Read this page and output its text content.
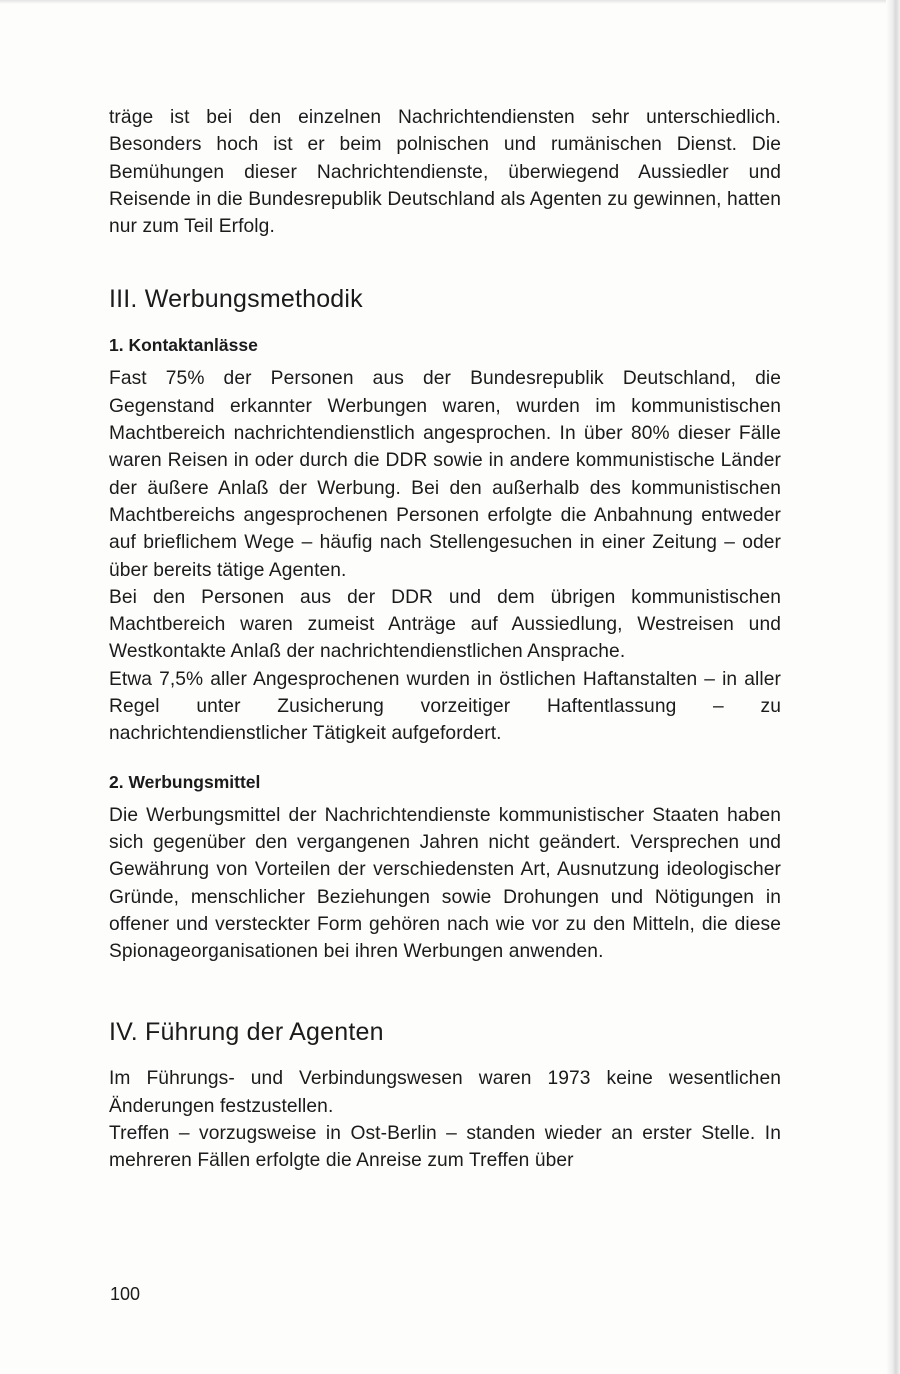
träge ist bei den einzelnen Nachrichtendiensten sehr unterschiedlich. Besonders hoch ist er beim polnischen und rumänischen Dienst. Die Bemühungen dieser Nachrichtendienste, überwiegend Aussiedler und Reisende in die Bundesrepublik Deutschland als Agenten zu gewinnen, hatten nur zum Teil Erfolg.

III. Werbungsmethodik
1. Kontaktanlässe

Fast 75% der Personen aus der Bundesrepublik Deutschland, die Gegenstand erkannter Werbungen waren, wurden im kommunistischen Machtbereich nachrichtendienstlich angesprochen. In über 80% dieser Fälle waren Reisen in oder durch die DDR sowie in andere kommunistische Länder der äußere Anlaß der Werbung. Bei den außerhalb des kommunistischen Machtbereichs angesprochenen Personen erfolgte die Anbahnung entweder auf brieflichem Wege – häufig nach Stellengesuchen in einer Zeitung – oder über bereits tätige Agenten.

Bei den Personen aus der DDR und dem übrigen kommunistischen Machtbereich waren zumeist Anträge auf Aussiedlung, Westreisen und Westkontakte Anlaß der nachrichtendienstlichen Ansprache.

Etwa 7,5% aller Angesprochenen wurden in östlichen Haftanstalten – in aller Regel unter Zusicherung vorzeitiger Haftentlassung – zu nachrichtendienstlicher Tätigkeit aufgefordert.

2. Werbungsmittel

Die Werbungsmittel der Nachrichtendienste kommunistischer Staaten haben sich gegenüber den vergangenen Jahren nicht geändert. Versprechen und Gewährung von Vorteilen der verschiedensten Art, Ausnutzung ideologischer Gründe, menschlicher Beziehungen sowie Drohungen und Nötigungen in offener und versteckter Form gehören nach wie vor zu den Mitteln, die diese Spionageorganisationen bei ihren Werbungen anwenden.

IV. Führung der Agenten

Im Führungs- und Verbindungswesen waren 1973 keine wesentlichen Änderungen festzustellen.

Treffen – vorzugsweise in Ost-Berlin – standen wieder an erster Stelle. In mehreren Fällen erfolgte die Anreise zum Treffen über

100
